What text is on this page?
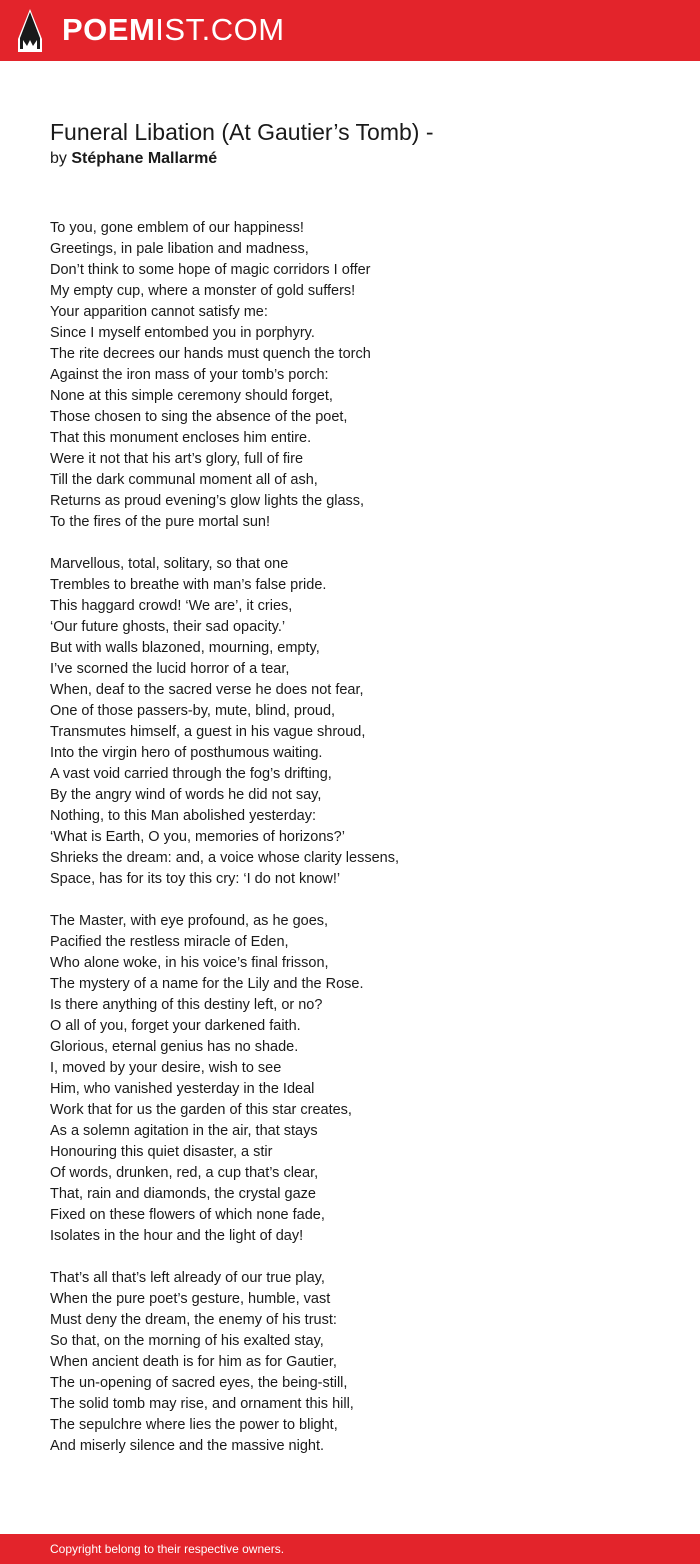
POEMIST.COM
Funeral Libation (At Gautier’s Tomb) -
by Stéphane Mallarmé
To you, gone emblem of our happiness!
Greetings, in pale libation and madness,
Don’t think to some hope of magic corridors I offer
My empty cup, where a monster of gold suffers!
Your apparition cannot satisfy me:
Since I myself entombed you in porphyry.
The rite decrees our hands must quench the torch
Against the iron mass of your tomb’s porch:
None at this simple ceremony should forget,
Those chosen to sing the absence of the poet,
That this monument encloses him entire.
Were it not that his art’s glory, full of fire
Till the dark communal moment all of ash,
Returns as proud evening’s glow lights the glass,
To the fires of the pure mortal sun!
Marvellous, total, solitary, so that one
Trembles to breathe with man’s false pride.
This haggard crowd! ‘We are’, it cries,
‘Our future ghosts, their sad opacity.’
But with walls blazoned, mourning, empty,
I’ve scorned the lucid horror of a tear,
When, deaf to the sacred verse he does not fear,
One of those passers-by, mute, blind, proud,
Transmutes himself, a guest in his vague shroud,
Into the virgin hero of posthumous waiting.
A vast void carried through the fog’s drifting,
By the angry wind of words he did not say,
Nothing, to this Man abolished yesterday:
‘What is Earth, O you, memories of horizons?’
Shrieks the dream: and, a voice whose clarity lessens,
Space, has for its toy this cry: ‘I do not know!’
The Master, with eye profound, as he goes,
Pacified the restless miracle of Eden,
Who alone woke, in his voice’s final frisson,
The mystery of a name for the Lily and the Rose.
Is there anything of this destiny left, or no?
O all of you, forget your darkened faith.
Glorious, eternal genius has no shade.
I, moved by your desire, wish to see
Him, who vanished yesterday in the Ideal
Work that for us the garden of this star creates,
As a solemn agitation in the air, that stays
Honouring this quiet disaster, a stir
Of words, drunken, red, a cup that’s clear,
That, rain and diamonds, the crystal gaze
Fixed on these flowers of which none fade,
Isolates in the hour and the light of day!
That’s all that’s left already of our true play,
When the pure poet’s gesture, humble, vast
Must deny the dream, the enemy of his trust:
So that, on the morning of his exalted stay,
When ancient death is for him as for Gautier,
The un-opening of sacred eyes, the being-still,
The solid tomb may rise, and ornament this hill,
The sepulchre where lies the power to blight,
And miserly silence and the massive night.
Copyright belong to their respective owners.
